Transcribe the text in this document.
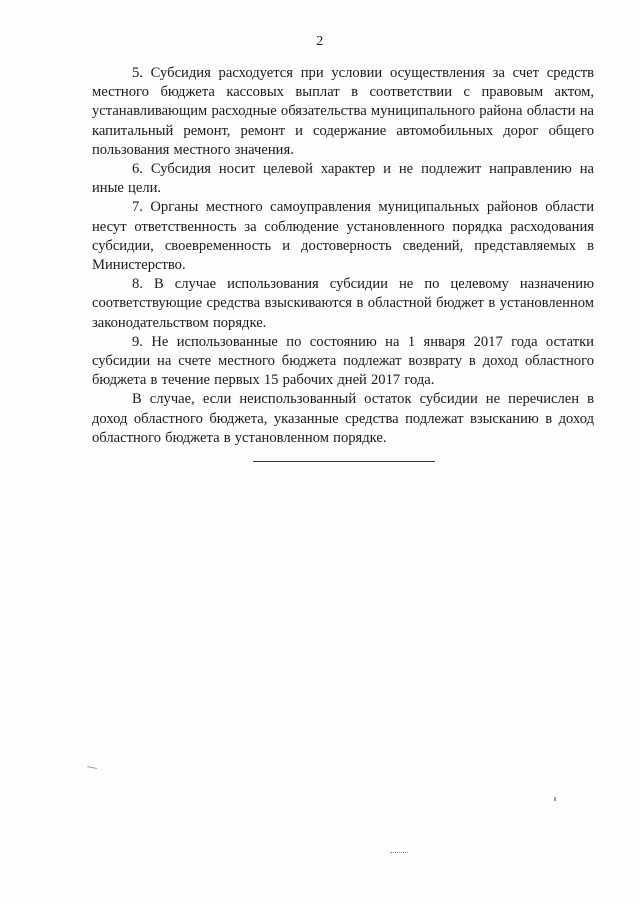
2

5. Субсидия расходуется при условии осуществления за счет средств местного бюджета кассовых выплат в соответствии с правовым актом, устанавливающим расходные обязательства муниципального района области на капитальный ремонт, ремонт и содержание автомобильных дорог общего пользования местного значения.

6. Субсидия носит целевой характер и не подлежит направлению на иные цели.

7. Органы местного самоуправления муниципальных районов области несут ответственность за соблюдение установленного порядка расходования субсидии, своевременность и достоверность сведений, представляемых в Министерство.

8. В случае использования субсидии не по целевому назначению соответствующие средства взыскиваются в областной бюджет в установленном законодательством порядке.

9. Не использованные по состоянию на 1 января 2017 года остатки субсидии на счете местного бюджета подлежат возврату в доход областного бюджета в течение первых 15 рабочих дней 2017 года.

В случае, если неиспользованный остаток субсидии не перечислен в доход областного бюджета, указанные средства подлежат взысканию в доход областного бюджета в установленном порядке.
